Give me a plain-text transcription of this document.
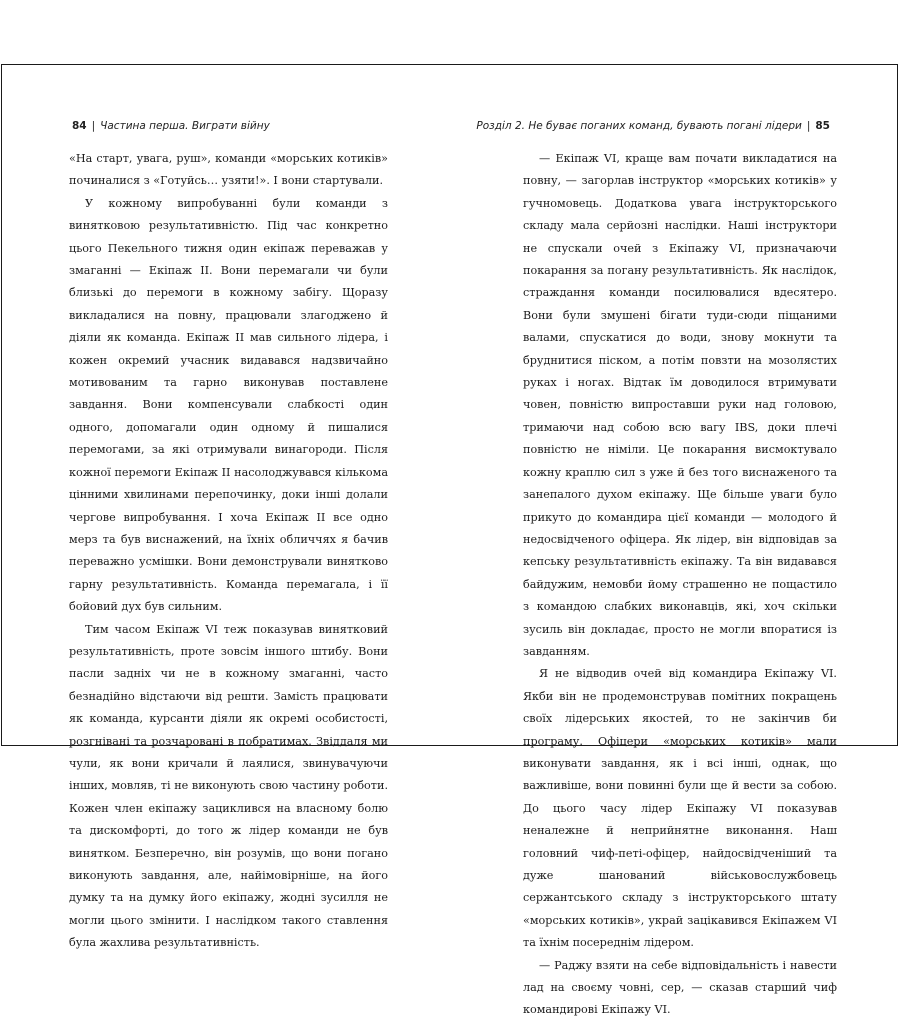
84 | Частина перша. Виграти війну

«На старт, увага, руш», команди «морських котиків» починалися з «Готуйсь… узяти!». І вони стартували.

У кожному випробуванні були команди з винятковою результативністю. Під час конкретно цього Пекельного тижня один екіпаж переважав у змаганні — Екіпаж ІІ. Вони перемагали чи були близькі до перемоги в кожному забігу. Щоразу викладалися на повну, працювали злагоджено й діяли як команда. Екіпаж ІІ мав сильного лідера, і кожен окремий учасник видавався надзвичайно мотивованим та гарно виконував поставлене завдання. Вони компенсували слабкості один одного, допомагали один одному й пишалися перемогами, за які отримували винагороди. Після кожної перемоги Екіпаж ІІ насолоджувався кількома цінними хвилинами перепочинку, доки інші долали чергове випробування. І хоча Екіпаж ІІ все одно мерз та був виснажений, на їхніх обличчях я бачив переважно усмішки. Вони демонстрували винятково гарну результативність. Команда перемагала, і її бойовий дух був сильним.

Тим часом Екіпаж VI теж показував винятковий результативність, проте зовсім іншого штибу. Вони пасли задніх чи не в кожному змаганні, часто безнадійно відстаючи від решти. Замість працювати як команда, курсанти діяли як окремі особистості, розгнівані та розчаровані в побратимах. Звіддаля ми чули, як вони кричали й лаялися, звинувачуючи інших, мовляв, ті не виконують свою частину роботи. Кожен член екіпажу зациклився на власному болю та дискомфорті, до того ж лідер команди не був винятком. Безперечно, він розумів, що вони погано виконують завдання, але, найімовірніше, на його думку та на думку його екіпажу, жодні зусилля не могли цього змінити. І наслідком такого ставлення була жахлива результативність.

Розділ 2. Не буває поганих команд, бувають погані лідери | 85

— Екіпаж VI, краще вам почати викладатися на повну, — загорлав інструктор «морських котиків» у гучномовець. Додаткова увага інструкторського складу мала серйозні наслідки. Наші інструктори не спускали очей з Екіпажу VI, призначаючи покарання за погану результативність. Як наслідок, страждання команди посилювалися вдесятеро. Вони були змушені бігати туди-сюди піщаними валами, спускатися до води, знову мокнути та бруднитися піском, а потім повзти на мозолястих руках і ногах. Відтак їм доводилося втримувати човен, повністю випроставши руки над головою, тримаючи над собою всю вагу IBS, доки плечі повністю не німіли. Це покарання висмоктувало кожну краплю сил з уже й без того виснаженого та занепалого духом екіпажу. Ще більше уваги було прикуто до командира цієї команди — молодого й недосвідченого офіцера. Як лідер, він відповідав за кепську результативність екіпажу. Та він видавався байдужим, немовби йому страшенно не пощастило з командою слабких виконавців, які, хоч скільки зусиль він докладає, просто не могли впоратися із завданням.

Я не відводив очей від командира Екіпажу VI. Якби він не продемонстрував помітних покращень своїх лідерських якостей, то не закінчив би програму. Офіцери «морських котиків» мали виконувати завдання, як і всі інші, однак, що важливіше, вони повинні були ще й вести за собою. До цього часу лідер Екіпажу VI показував неналежне й неприйнятне виконання. Наш головний чиф-петі-офіцер, найдосвідченіший та дуже шанований військовослужбовець сержантського складу з інструкторського штату «морських котиків», украй зацікавився Екіпажем VI та їхнім посереднім лідером.

— Раджу взяти на себе відповідальність і навести лад на своєму човні, сер, — сказав старший чиф командирові Екіпажу VI.
